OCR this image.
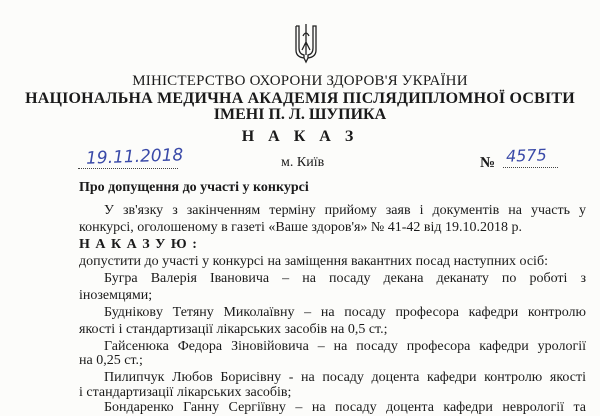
МІНІСТЕРСТВО ОХОРОНИ ЗДОРОВ'Я УКРАЇНИ
НАЦІОНАЛЬНА МЕДИЧНА АКАДЕМІЯ ПІСЛЯДИПЛОМНОЇ ОСВІТИ
ІМЕНІ П. Л. ШУПИКА
Н А К А З
19.11.2018	м. Київ	№ 4575
Про допущення до участі у конкурсі
У зв'язку з закінченням терміну прийому заяв і документів на участь у
конкурсі, оголошеному в газеті «Ваше здоров'я» № 41-42 від 19.10.2018 р.
Н А К А З У Ю :
допустити до участі у конкурсі на заміщення вакантних посад наступних осіб:
Бугра Валерія Івановича – на посаду декана деканату по роботі з
іноземцями;
Будніковy Тетяну Миколаївну – на посаду професора кафедри контролю
якості і стандартизації лікарських засобів на 0,5 ст.;
Гайсенюка Федора Зіновійовича – на посаду професора кафедри урології
на 0,25 ст.;
Пилипчук Любов Борисівну - на посаду доцента кафедри контролю якості
і стандартизації лікарських засобів;
Бондаренко Ганну Сергіївну – на посаду доцента кафедри неврології та
